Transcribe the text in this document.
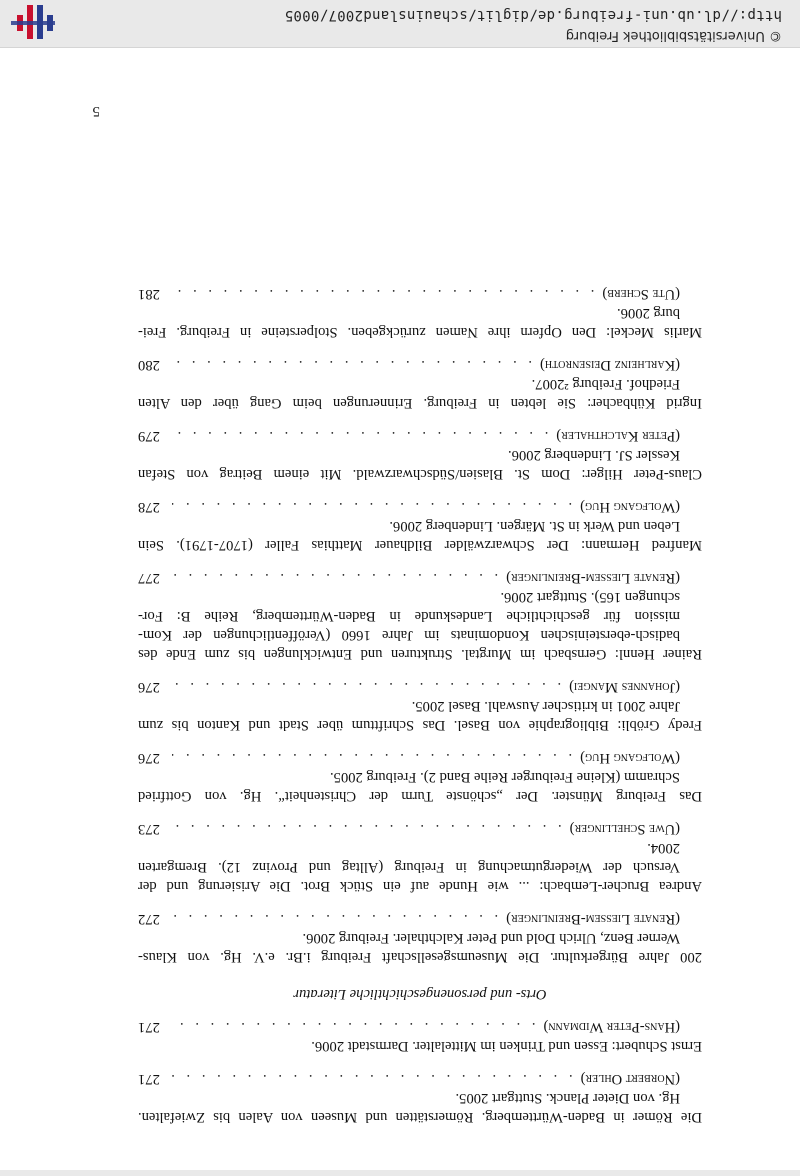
Die Römer in Baden-Württemberg. Römerstätten und Museen von Aalen bis Zwiefalten.
Hg. von Dieter Planck. Stuttgart 2005.
(Norbert Ohler)
. . .
271
Ernst Schubert: Essen und Trinken im Mittelalter. Darmstadt 2006.
(Hans-Peter Widmann)
. . .
271
Orts- und personengeschichtliche Literatur
200 Jahre Bürgerkultur. Die Museumsgesellschaft Freiburg i.Br. e.V. Hg. von Klaus-
Werner Benz, Ulrich Dold und Peter Kalchthaler. Freiburg 2006.
(Renate Liessem-Breinlinger)
. . .
272
Andrea Brucher-Lembach: ... wie Hunde auf ein Stück Brot. Die Arisierung und der
Versuch der Wiedergutmachung in Freiburg (Alltag und Provinz 12). Bremgarten
2004.
(Uwe Schellinger)
. . .
273
Das Freiburg Münster. Der „schönste Turm der Christenheit“. Hg. von Gottfried
Schramm (Kleine Freiburger Reihe Band 2). Freiburg 2005.
(Wolfgang Hug)
. . .
276
Fredy Gröbli: Bibliographie von Basel. Das Schrifttum über Stadt und Kanton bis zum
Jahre 2001 in kritischer Auswahl. Basel 2005.
(Johannes Mangei)
. . .
276
Rainer Hennl: Gernsbach im Murgtal. Strukturen und Entwicklungen bis zum Ende des
badisch-ebersteinischen Kondominats im Jahre 1660 (Veröffentlichungen der Kom-
mission für geschichtliche Landeskunde in Baden-Württemberg, Reihe B: For-
schungen 165). Stuttgart 2006.
(Renate Liessem-Breinlinger)
. . .
277
Manfred Hermann: Der Schwarzwälder Bildhauer Matthias Faller (1707-1791). Sein
Leben und Werk in St. Märgen. Lindenberg 2006.
(Wolfgang Hug)
. . .
278
Claus-Peter Hilger: Dom St. Blasien/Südschwarzwald. Mit einem Beitrag von Stefan
Kessler SJ. Lindenberg 2006.
(Peter Kalchthaler)
. . .
279
Ingrid Kühbacher: Sie lebten in Freiburg. Erinnerungen beim Gang über den Alten
Friedhof. Freiburg ²2007.
(Karlheinz Deisenroth)
. . .
280
Marlis Meckel: Den Opfern ihre Namen zurückgeben. Stolpersteine in Freiburg. Frei-
burg 2006.
(Ute Scherb)
. . .
281
5
© Universitätsbibliothek Freiburg
http://dl.ub.uni-freiburg.de/diglit/schauinsland2007/0005
